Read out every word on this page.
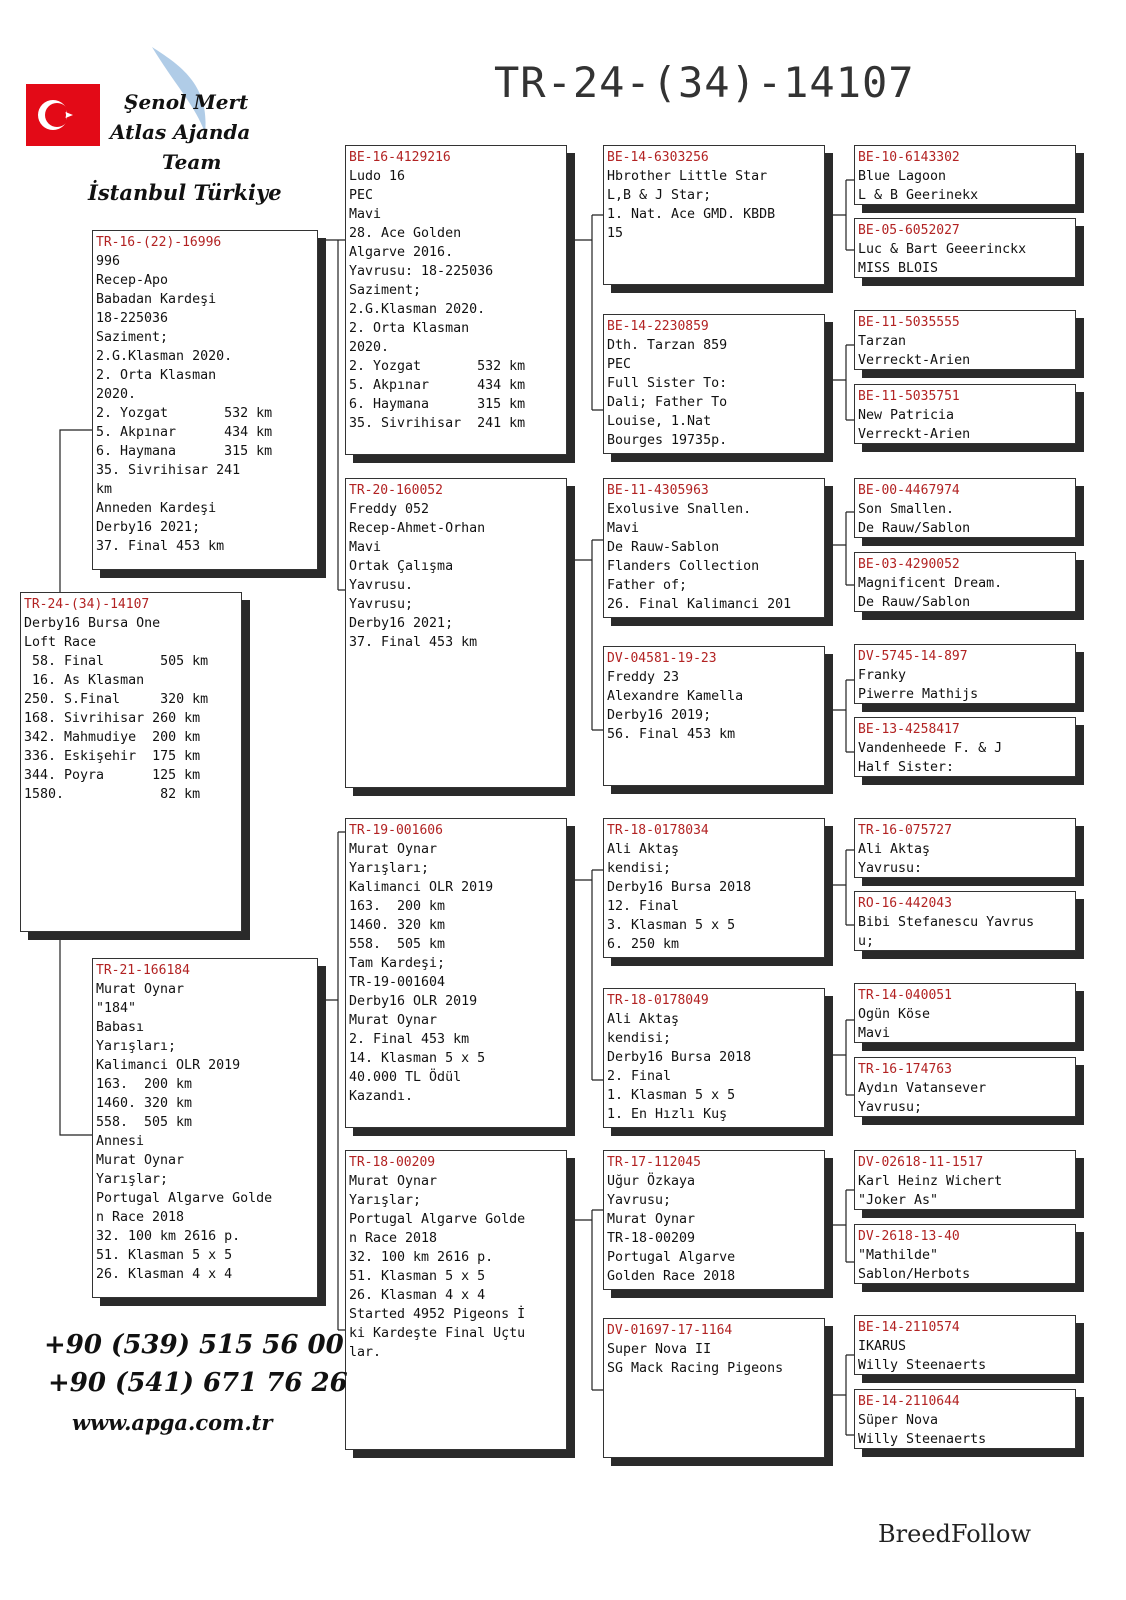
Şenol Mert
Atlas Ajanda
Team
İstanbul Türkiye
TR-24-(34)-14107
TR-24-(34)-14107
Derby16 Bursa One
Loft Race
58. Final       505 km
16. As Klasman
250. S.Final     320 km
168. Sivrihisar 260 km
342. Mahmudiye  200 km
336. Eskişehir  175 km
344. Poyra      125 km
1580.            82 km
TR-16-(22)-16996
996
Recep-Apo
Babadan Kardeşi
18-225036
Saziment;
2.G.Klasman 2020.
2. Orta Klasman
2020.
2. Yozgat       532 km
5. Akpınar      434 km
6. Haymana      315 km
35. Sivrihisar 241
km
Anneden Kardeşi
Derby16 2021;
37. Final 453 km
TR-21-166184
Murat Oynar
"184"
Babası
Yarışları;
Kalimanci OLR 2019
163.  200 km
1460. 320 km
558.  505 km
Annesi
Murat Oynar
Yarışlar;
Portugal Algarve Golde
n Race 2018
32. 100 km 2616 p.
51. Klasman 5 x 5
26. Klasman 4 x 4
BE-16-4129216
Ludo 16
PEC
Mavi
28. Ace Golden
Algarve 2016.
Yavrusu: 18-225036
Saziment;
2.G.Klasman 2020.
2. Orta Klasman
2020.
2. Yozgat       532 km
5. Akpınar      434 km
6. Haymana      315 km
35. Sivrihisar  241 km
TR-20-160052
Freddy 052
Recep-Ahmet-Orhan
Mavi
Ortak Çalışma
Yavrusu.
Yavrusu;
Derby16 2021;
37. Final 453 km
TR-19-001606
Murat Oynar
Yarışları;
Kalimanci OLR 2019
163.  200 km
1460. 320 km
558.  505 km
Tam Kardeşi;
TR-19-001604
Derby16 OLR 2019
Murat Oynar
2. Final 453 km
14. Klasman 5 x 5
40.000 TL Ödül
Kazandı.
TR-18-00209
Murat Oynar
Yarışlar;
Portugal Algarve Golde
n Race 2018
32. 100 km 2616 p.
51. Klasman 5 x 5
26. Klasman 4 x 4
Started 4952 Pigeons İ
ki Kardeşte Final Uçtu
lar.
BE-14-6303256
Hbrother Little Star
L,B & J Star;
1. Nat. Ace GMD. KBDB
15
BE-14-2230859
Dth. Tarzan 859
PEC
Full Sister To:
Dali; Father To
Louise, 1.Nat
Bourges 19735p.
BE-11-4305963
Exolusive Snallen.
Mavi
De Rauw-Sablon
Flanders Collection
Father of;
26. Final Kalimanci 201
DV-04581-19-23
Freddy 23
Alexandre Kamella
Derby16 2019;
56. Final 453 km
TR-18-0178034
Ali Aktaş
kendisi;
Derby16 Bursa 2018
12. Final
3. Klasman 5 x 5
6. 250 km
TR-18-0178049
Ali Aktaş
kendisi;
Derby16 Bursa 2018
2. Final
1. Klasman 5 x 5
1. En Hızlı Kuş
TR-17-112045
Uğur Özkaya
Yavrusu;
Murat Oynar
TR-18-00209
Portugal Algarve
Golden Race 2018
DV-01697-17-1164
Super Nova II
SG Mack Racing Pigeons
BE-10-6143302
Blue Lagoon
L & B Geerinekx
BE-05-6052027
Luc & Bart Geeerinckx
MISS BLOIS
BE-11-5035555
Tarzan
Verreckt-Arien
BE-11-5035751
New Patricia
Verreckt-Arien
BE-00-4467974
Son Smallen.
De Rauw/Sablon
BE-03-4290052
Magnificent Dream.
De Rauw/Sablon
DV-5745-14-897
Franky
Piwerre Mathijs
BE-13-4258417
Vandenheede F. & J
Half Sister:
TR-16-075727
Ali Aktaş
Yavrusu:
RO-16-442043
Bibi Stefanescu Yavrus
u;
TR-14-040051
Ogün Köse
Mavi
TR-16-174763
Aydın Vatansever
Yavrusu;
DV-02618-11-1517
Karl Heinz Wichert
"Joker As"
DV-2618-13-40
"Mathilde"
Sablon/Herbots
BE-14-2110574
IKARUS
Willy Steenaerts
BE-14-2110644
Süper Nova
Willy Steenaerts
+90 (539) 515 56 00
+90 (541) 671 76 26
www.apga.com.tr
BreedFollow
